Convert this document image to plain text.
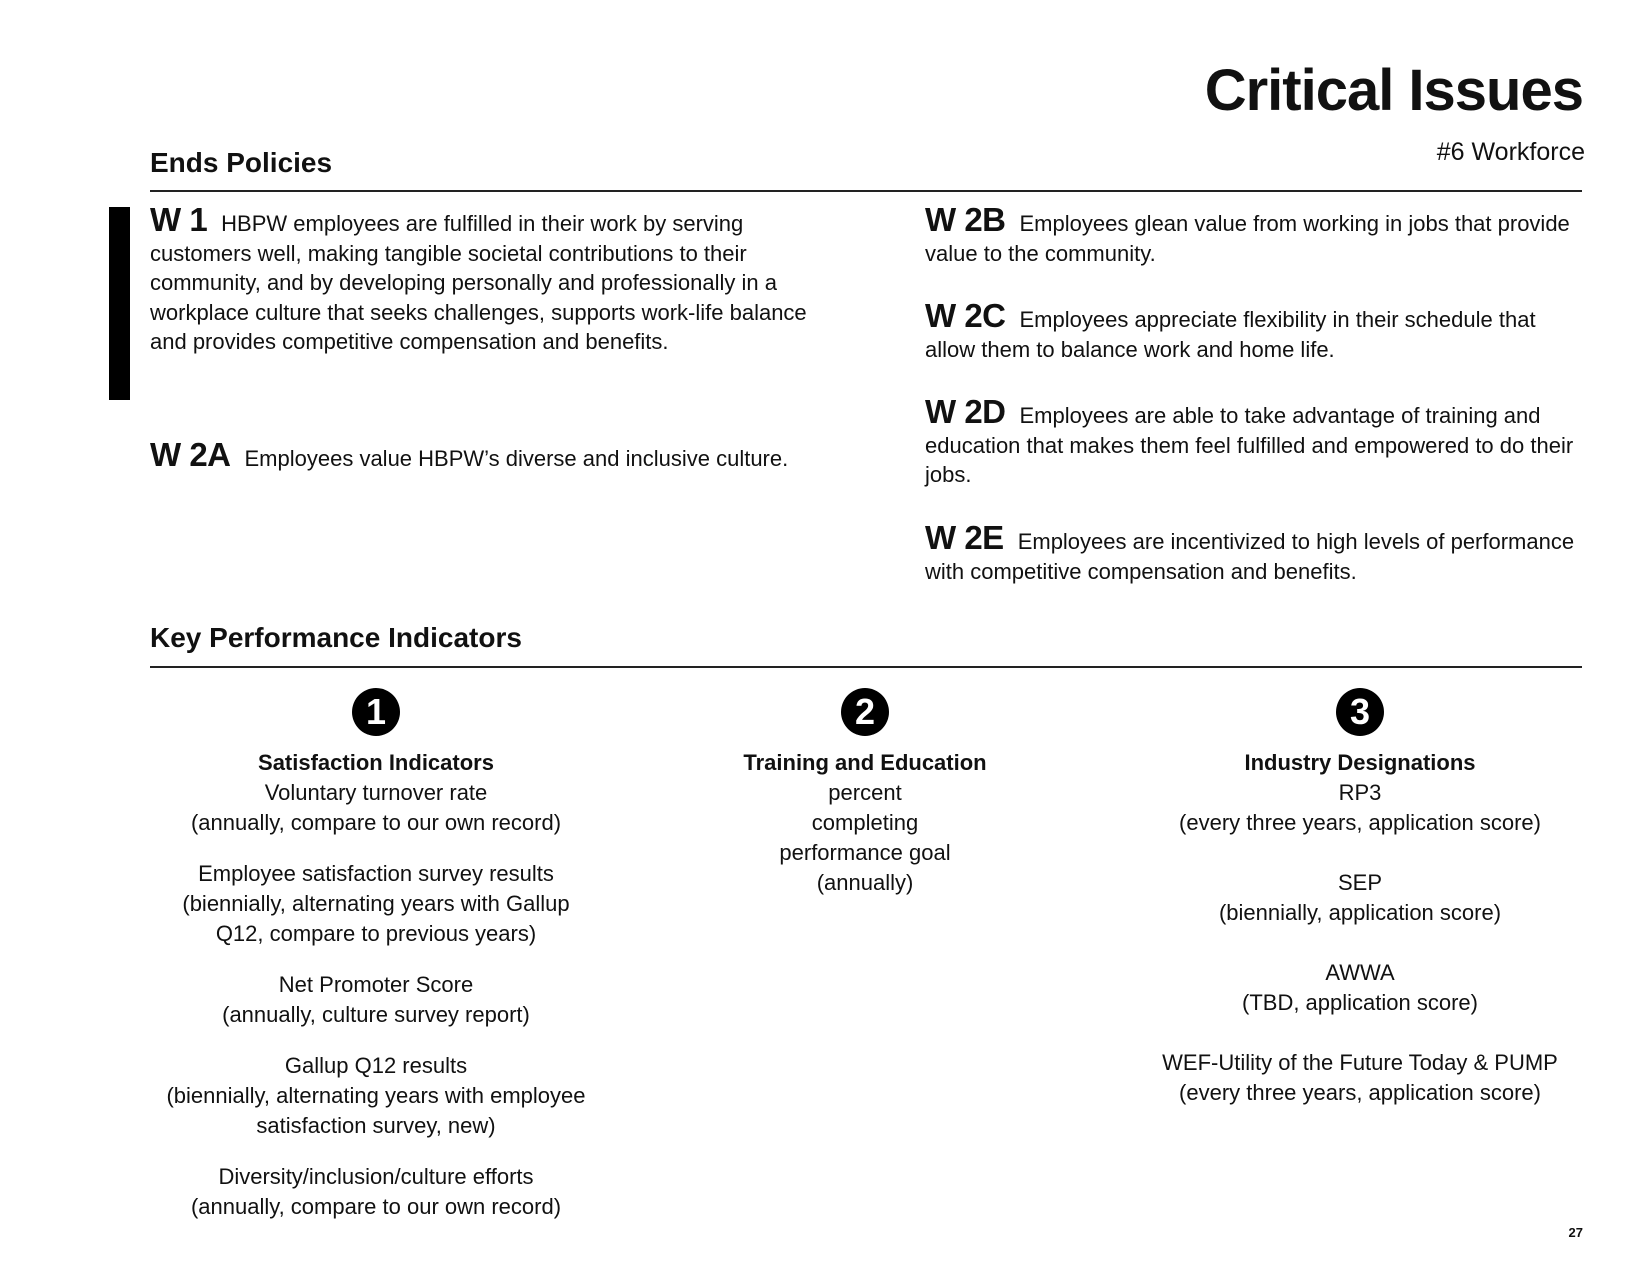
Critical Issues
#6 Workforce
Ends Policies

W 1 HBPW employees are fulfilled in their work by serving customers well, making tangible societal contributions to their community, and by developing personally and professionally in a workplace culture that seeks challenges, supports work-life balance and provides competitive compensation and benefits.

W 2A Employees value HBPW’s diverse and inclusive culture.

W 2B Employees glean value from working in jobs that provide value to the community.

W 2C Employees appreciate flexibility in their schedule that allow them to balance work and home life.

W 2D Employees are able to take advantage of training and education that makes them feel fulfilled and empowered to do their jobs.

W 2E Employees are incentivized to high levels of performance with competitive compensation and benefits.

Key Performance Indicators
1
Satisfaction Indicators
Voluntary turnover rate
(annually, compare to our own record)
Employee satisfaction survey results
(biennially, alternating years with Gallup
Q12, compare to previous years)
Net Promoter Score
(annually, culture survey report)
Gallup Q12 results
(biennially, alternating years with employee
satisfaction survey, new)
Diversity/inclusion/culture efforts
(annually, compare to our own record)
2
Training and Education
percent
completing
performance goal
(annually)
3
Industry Designations
RP3
(every three years, application score)
SEP
(biennially, application score)
AWWA
(TBD, application score)
WEF-Utility of the Future Today & PUMP
(every three years, application score)
27
